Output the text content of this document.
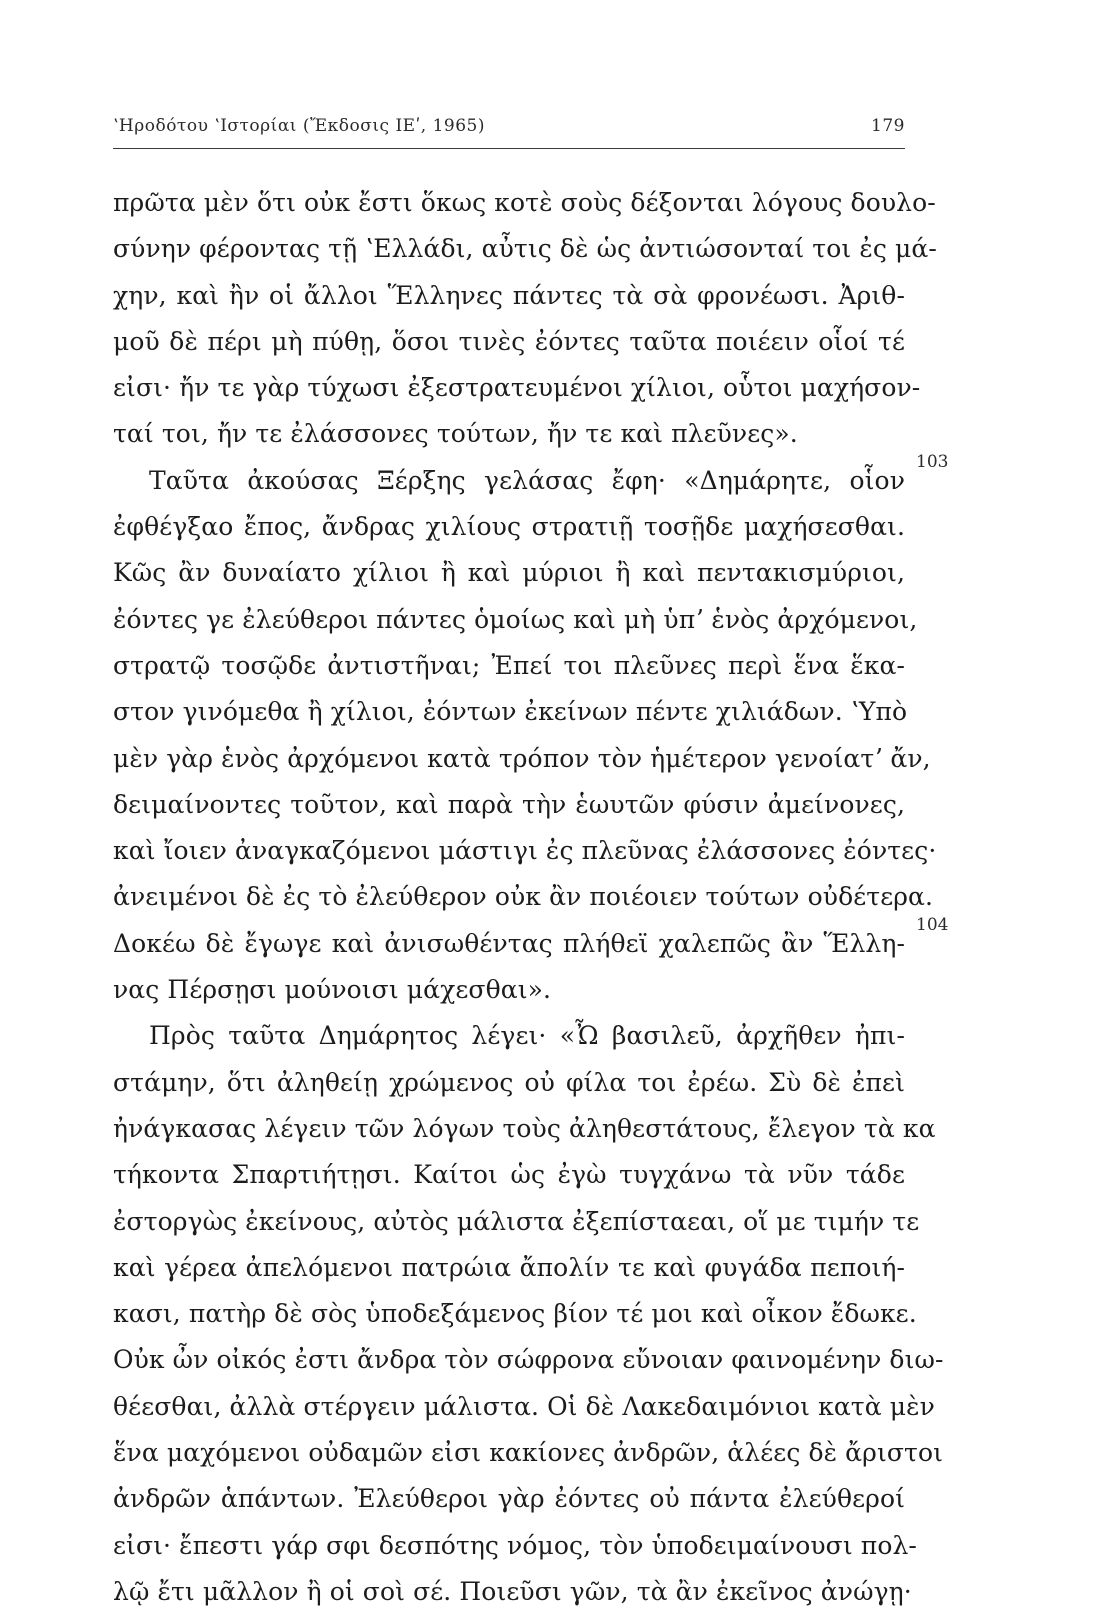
ʽΗροδότου ʽΙστορίαι (Ἔκδοσις ΙΕʹ, 1965)	179
103
104
πρῶτα μὲν ὅτι οὐκ ἔστι ὅκως κοτὲ σοὺς δέξονται λόγους δουλο-
σύνην φέροντας τῇ ʽΕλλάδι, αὖτις δὲ ὡς ἀντιώσονταί τοι ἐς μά-
χην, καὶ ἢν οἱ ἄλλοι Ἕλληνες πάντες τὰ σὰ φρονέωσι. Ἀριθ-
μοῦ δὲ πέρι μὴ πύθῃ, ὅσοι τινὲς ἐόντες ταῦτα ποιέειν οἷοί τέ
εἰσι· ἤν τε γὰρ τύχωσι ἐξεστρατευμένοι χίλιοι, οὗτοι μαχήσον-
ταί τοι, ἤν τε ἐλάσσονες τούτων, ἤν τε καὶ πλεῦνες».
Ταῦτα ἀκούσας Ξέρξης γελάσας ἔφη· «Δημάρητε, οἷον
ἐφθέγξαο ἔπος, ἄνδρας χιλίους στρατιῇ τοσῇδε μαχήσεσθαι.
Κῶς ἂν δυναίατο χίλιοι ἢ καὶ μύριοι ἢ καὶ πεντακισμύριοι,
ἐόντες γε ἐλεύθεροι πάντες ὁμοίως καὶ μὴ ὑπʼ ἑνὸς ἀρχόμενοι,
στρατῷ τοσῷδε ἀντιστῆναι; Ἐπεί τοι πλεῦνες περὶ ἕνα ἕκα-
στον γινόμεθα ἢ χίλιοι, ἐόντων ἐκείνων πέντε χιλιάδων. ʽΥπὸ
μὲν γὰρ ἑνὸς ἀρχόμενοι κατὰ τρόπον τὸν ἡμέτερον γενοίατʼ ἄν,
δειμαίνοντες τοῦτον, καὶ παρὰ τὴν ἑωυτῶν φύσιν ἀμείνονες,
καὶ ἴοιεν ἀναγκαζόμενοι μάστιγι ἐς πλεῦνας ἐλάσσονες ἐόντες·
ἀνειμένοι δὲ ἐς τὸ ἐλεύθερον οὐκ ἂν ποιέοιεν τούτων οὐδέτερα.
Δοκέω δὲ ἔγωγε καὶ ἀνισωθέντας πλήθεϊ χαλεπῶς ἂν Ἕλλη-
νας Πέρσῃσι μούνοισι μάχεσθαι».
Πρὸς ταῦτα Δημάρητος λέγει· «Ὦ βασιλεῦ, ἀρχῆθεν ἠπι-
στάμην, ὅτι ἀληθείῃ χρώμενος οὐ φίλα τοι ἐρέω. Σὺ δὲ ἐπεὶ
ἠνάγκασας λέγειν τῶν λόγων τοὺς ἀληθεστάτους, ἔλεγον τὰ κα
τήκοντα Σπαρτιήτῃσι. Καίτοι ὡς ἐγὼ τυγχάνω τὰ νῦν τάδε
ἐστοργὼς ἐκείνους, αὐτὸς μάλιστα ἐξεπίσταεαι, οἵ με τιμήν τε
καὶ γέρεα ἀπελόμενοι πατρώια ἄπολίν τε καὶ φυγάδα πεποιή-
κασι, πατὴρ δὲ σὸς ὑποδεξάμενος βίον τέ μοι καὶ οἶκον ἔδωκε.
Οὐκ ὦν οἰκός ἐστι ἄνδρα τὸν σώφρονα εὔνοιαν φαινομένην διω-
θέεσθαι, ἀλλὰ στέργειν μάλιστα. Οἱ δὲ Λακεδαιμόνιοι κατὰ μὲν
ἕνα μαχόμενοι οὐδαμῶν εἰσι κακίονες ἀνδρῶν, ἁλέες δὲ ἄριστοι
ἀνδρῶν ἁπάντων. Ἐλεύθεροι γὰρ ἐόντες οὐ πάντα ἐλεύθεροί
εἰσι· ἔπεστι γάρ σφι δεσπότης νόμος, τὸν ὑποδειμαίνουσι πολ-
λῷ ἔτι μᾶλλον ἢ οἱ σοὶ σέ. Ποιεῦσι γῶν, τὰ ἂν ἐκεῖνος ἀνώγῃ·
